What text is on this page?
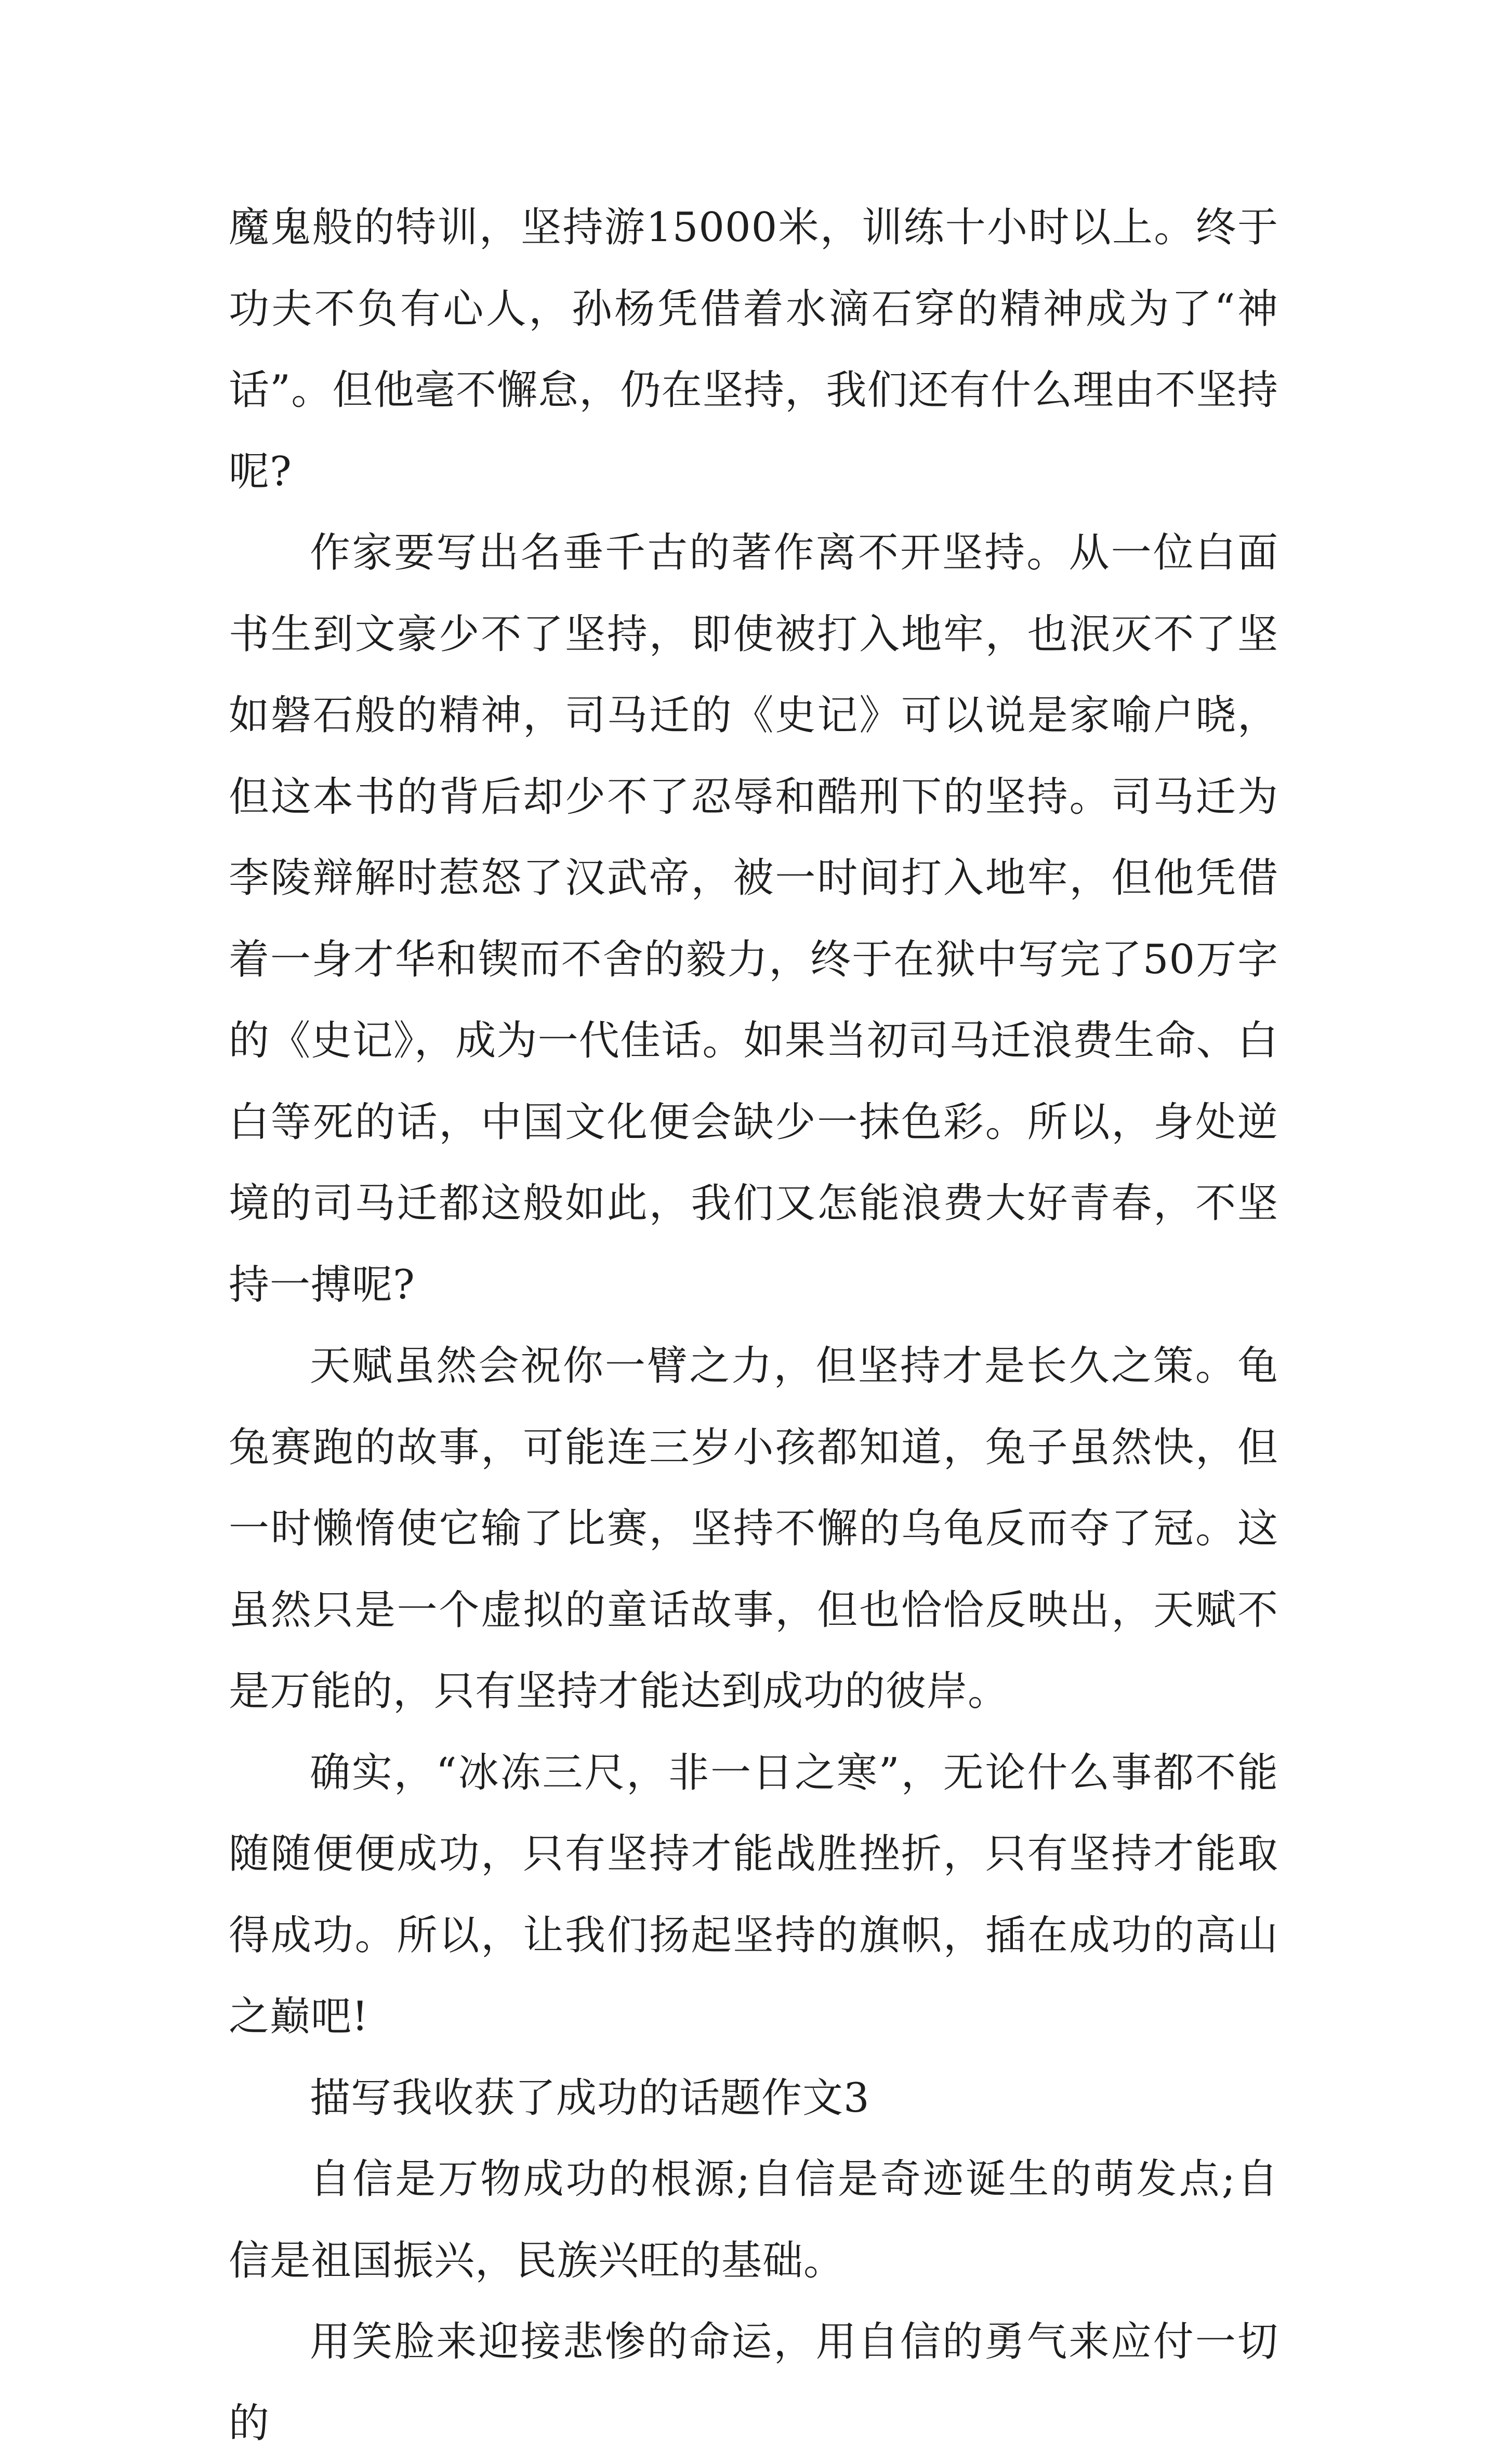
魔鬼般的特训，坚持游15000米，训练十小时以上。终于功夫不负有心人，孙杨凭借着水滴石穿的精神成为了“神话”。但他毫不懈怠，仍在坚持，我们还有什么理由不坚持呢?

作家要写出名垂千古的著作离不开坚持。从一位白面书生到文豪少不了坚持，即使被打入地牢，也泯灭不了坚如磐石般的精神，司马迁的《史记》可以说是家喻户晓，但这本书的背后却少不了忍辱和酷刑下的坚持。司马迁为李陵辩解时惹怒了汉武帝，被一时间打入地牢，但他凭借着一身才华和锲而不舍的毅力，终于在狱中写完了50万字的《史记》，成为一代佳话。如果当初司马迁浪费生命、白白等死的话，中国文化便会缺少一抹色彩。所以，身处逆境的司马迁都这般如此，我们又怎能浪费大好青春，不坚持一搏呢?

天赋虽然会祝你一臂之力，但坚持才是长久之策。龟兔赛跑的故事，可能连三岁小孩都知道，兔子虽然快，但一时懒惰使它输了比赛，坚持不懈的乌龟反而夺了冠。这虽然只是一个虚拟的童话故事，但也恰恰反映出，天赋不是万能的，只有坚持才能达到成功的彼岸。

确实，“冰冻三尺，非一日之寒”，无论什么事都不能随随便便成功，只有坚持才能战胜挫折，只有坚持才能取得成功。所以，让我们扬起坚持的旗帜，插在成功的高山之巅吧!

描写我收获了成功的话题作文3

自信是万物成功的根源;自信是奇迹诞生的萌发点;自信是祖国振兴，民族兴旺的基础。

用笑脸来迎接悲惨的命运，用自信的勇气来应付一切的
